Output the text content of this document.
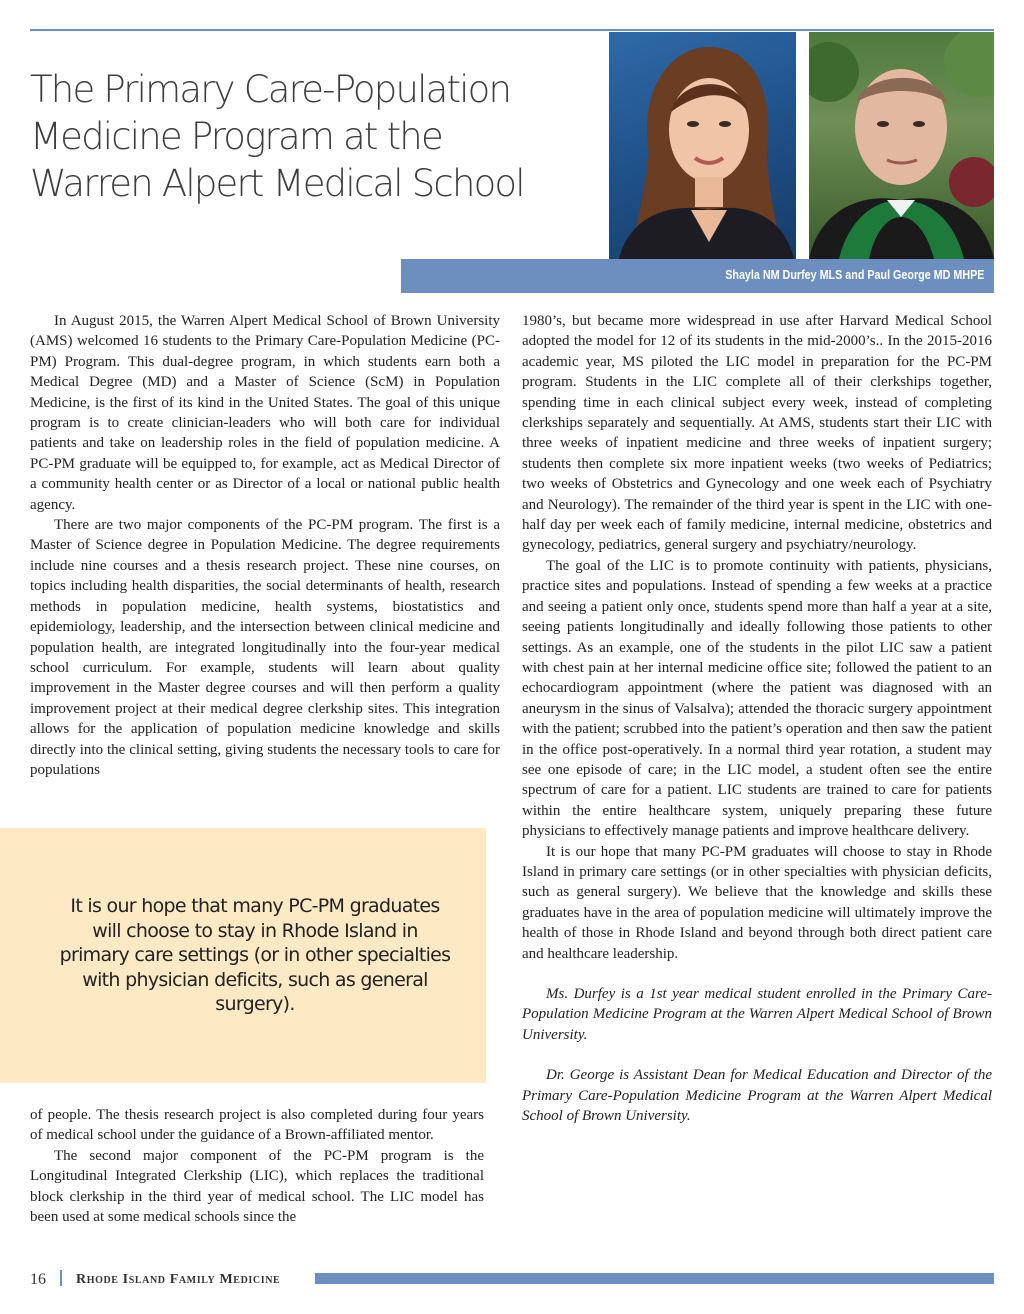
The Primary Care-Population
Medicine Program at the
Warren Alpert Medical School
Shayla NM Durfey MLS and Paul George MD MHPE

In August 2015, the Warren Alpert Medical School of Brown University (AMS) welcomed 16 students to the Primary Care-Population Medicine (PC-PM) Program. This dual-degree program, in which students earn both a Medical Degree (MD) and a Master of Science (ScM) in Population Medicine, is the first of its kind in the United States. The goal of this unique program is to create clinician-leaders who will both care for individual patients and take on leadership roles in the field of population medicine. A PC-PM graduate will be equipped to, for example, act as Medical Director of a community health center or as Director of a local or national public health agency.

There are two major components of the PC-PM program. The first is a Master of Science degree in Population Medicine. The degree requirements include nine courses and a thesis research project. These nine courses, on topics including health disparities, the social determinants of health, research methods in population medicine, health systems, biostatistics and epidemiology, leadership, and the intersection between clinical medicine and population health, are integrated longitudinally into the four-year medical school curriculum. For example, students will learn about quality improvement in the Master degree courses and will then perform a quality improvement project at their medical degree clerkship sites. This integration allows for the application of population medicine knowledge and skills directly into the clinical setting, giving students the necessary tools to care for populations

It is our hope that many PC-PM graduates will choose to stay in Rhode Island in primary care settings (or in other specialties with physician deficits, such as general surgery).

of people. The thesis research project is also completed during four years of medical school under the guidance of a Brown-affiliated mentor.

The second major component of the PC-PM program is the Longitudinal Integrated Clerkship (LIC), which replaces the traditional block clerkship in the third year of medical school. The LIC model has been used at some medical schools since the

1980’s, but became more widespread in use after Harvard Medical School adopted the model for 12 of its students in the mid-2000’s.. In the 2015-2016 academic year, MS piloted the LIC model in preparation for the PC-PM program. Students in the LIC complete all of their clerkships together, spending time in each clinical subject every week, instead of completing clerkships separately and sequentially. At AMS, students start their LIC with three weeks of inpatient medicine and three weeks of inpatient surgery; students then complete six more inpatient weeks (two weeks of Pediatrics; two weeks of Obstetrics and Gynecology and one week each of Psychiatry and Neurology). The remainder of the third year is spent in the LIC with one-half day per week each of family medicine, internal medicine, obstetrics and gynecology, pediatrics, general surgery and psychiatry/neurology.

The goal of the LIC is to promote continuity with patients, physicians, practice sites and populations. Instead of spending a few weeks at a practice and seeing a patient only once, students spend more than half a year at a site, seeing patients longitudinally and ideally following those patients to other settings. As an example, one of the students in the pilot LIC saw a patient with chest pain at her internal medicine office site; followed the patient to an echocardiogram appointment (where the patient was diagnosed with an aneurysm in the sinus of Valsalva); attended the thoracic surgery appointment with the patient; scrubbed into the patient’s operation and then saw the patient in the office post-operatively. In a normal third year rotation, a student may see one episode of care; in the LIC model, a student often see the entire spectrum of care for a patient. LIC students are trained to care for patients within the entire healthcare system, uniquely preparing these future physicians to effectively manage patients and improve healthcare delivery.

It is our hope that many PC-PM graduates will choose to stay in Rhode Island in primary care settings (or in other specialties with physician deficits, such as general surgery). We believe that the knowledge and skills these graduates have in the area of population medicine will ultimately improve the health of those in Rhode Island and beyond through both direct patient care and healthcare leadership.

Ms. Durfey is a 1st year medical student enrolled in the Primary Care-Population Medicine Program at the Warren Alpert Medical School of Brown University.

Dr. George is Assistant Dean for Medical Education and Director of the Primary Care-Population Medicine Program at the Warren Alpert Medical School of Brown University.

16 Rhode Island Family Medicine
